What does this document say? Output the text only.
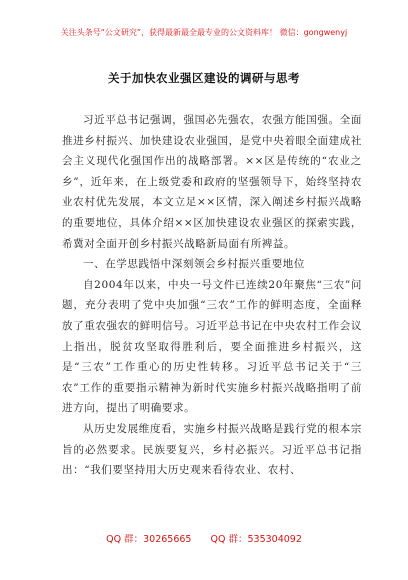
关注头条号“公文研究”，获得最新最全最专业的公文资料库！ 微信：gongwenyj
关于加快农业强区建设的调研与思考

习近平总书记强调，强国必先强农，农强方能国强。全面推进乡村振兴、加快建设农业强国，是党中央着眼全面建成社会主义现代化强国作出的战略部署。××区是传统的“农业之乡”，近年来，在上级党委和政府的坚强领导下，始终坚持农业农村优先发展，本文立足××区情，深入阐述乡村振兴战略的重要地位，具体介绍××区加快建设农业强区的探索实践，希冀对全面开创乡村振兴战略新局面有所裨益。

一、在学思践悟中深刻领会乡村振兴重要地位

自2004年以来，中央一号文件已连续20年聚焦“三农”问题，充分表明了党中央加强“三农”工作的鲜明态度，全面释放了重农强农的鲜明信号。习近平总书记在中央农村工作会议上指出，脱贫攻坚取得胜利后，要全面推进乡村振兴，这是“三农”工作重心的历史性转移。习近平总书记关于“三农”工作的重要指示精神为新时代实施乡村振兴战略指明了前进方向，提出了明确要求。

从历史发展维度看，实施乡村振兴战略是践行党的根本宗旨的必然要求。民族要复兴，乡村必振兴。习近平总书记指出：“我们要坚持用大历史观来看待农业、农村、

QQ 群：30265665 QQ 群：535304092
